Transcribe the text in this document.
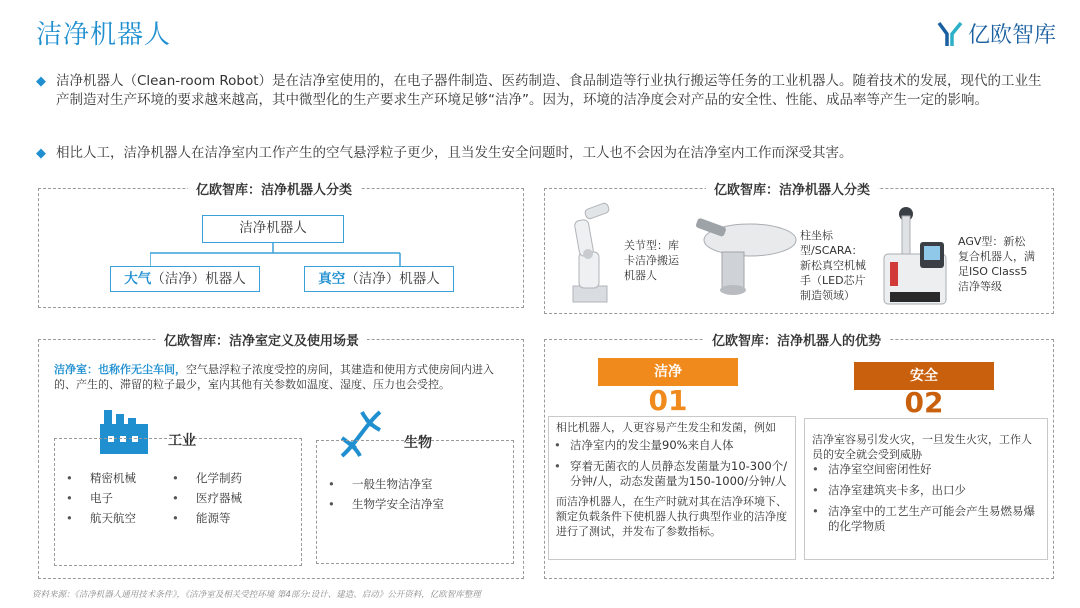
洁净机器人	亿欧智库
◆ 洁净机器人（Clean-room Robot）是在洁净室使用的，在电子器件制造、医药制造、食品制造等行业执行搬运等任务的工业机器人。随着技术的发展，现代的工业生产制造对生产环境的要求越来越高，其中微型化的生产要求生产环境足够“洁净”。因为，环境的洁净度会对产品的安全性、性能、成品率等产生一定的影响。
◆ 相比人工，洁净机器人在洁净室内工作产生的空气悬浮粒子更少，且当发生安全问题时，工人也不会因为在洁净室内工作而深受其害。
亿欧智库：洁净机器人分类
洁净机器人
大气（洁净）机器人	真空（洁净）机器人
亿欧智库：洁净机器人分类
关节型：库卡洁净搬运机器人
柱坐标型/SCARA：新松真空机械手（LED芯片制造领域）
AGV型：新松复合机器人，满足ISO Class5洁净等级
亿欧智库：洁净室定义及使用场景
洁净室：也称作无尘车间，空气悬浮粒子浓度受控的房间，其建造和使用方式使房间内进入的、产生的、滞留的粒子最少，室内其他有关参数如温度、湿度、压力也会受控。
工业
• 精密机械
• 电子
• 航天航空
• 化学制药
• 医疗器械
• 能源等
生物
• 一般生物洁净室
• 生物学安全洁净室
亿欧智库：洁净机器人的优势
洁净
01
相比机器人，人更容易产生发尘和发菌，例如
• 洁净室内的发尘量90%来自人体
• 穿着无菌衣的人员静态发菌量为10-300个/分钟/人，动态发菌量为150-1000/分钟/人
而洁净机器人，在生产时就对其在洁净环境下、额定负载条件下使机器人执行典型作业的洁净度进行了测试，并发布了参数指标。
安全
02
洁净室容易引发火灾，一旦发生火灾，工作人员的安全就会受到威胁
• 洁净室空间密闭性好
• 洁净室建筑夹卡多，出口少
• 洁净室中的工艺生产可能会产生易燃易爆的化学物质
资料来源：《洁净机器人通用技术条件》，《洁净室及相关受控环境 第4部分:设计、建造、启动》公开资料，亿欧智库整理
